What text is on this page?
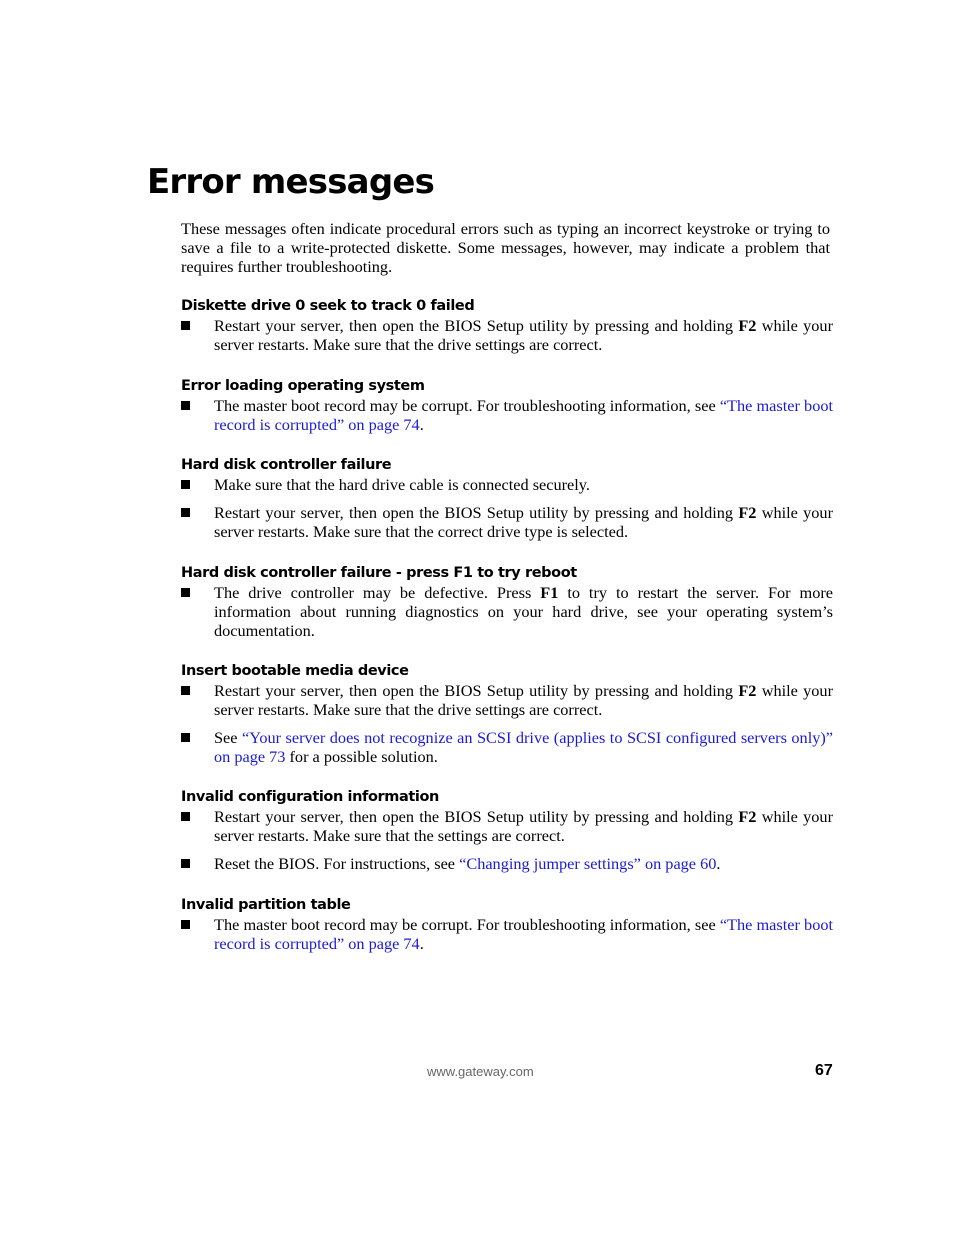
Error messages

These messages often indicate procedural errors such as typing an incorrect keystroke or trying to save a file to a write-protected diskette. Some messages, however, may indicate a problem that requires further troubleshooting.

Diskette drive 0 seek to track 0 failed
Restart your server, then open the BIOS Setup utility by pressing and holding F2 while your server restarts. Make sure that the drive settings are correct.
Error loading operating system
The master boot record may be corrupt. For troubleshooting information, see “The master boot record is corrupted” on page 74.
Hard disk controller failure
Make sure that the hard drive cable is connected securely.
Restart your server, then open the BIOS Setup utility by pressing and holding F2 while your server restarts. Make sure that the correct drive type is selected.
Hard disk controller failure - press F1 to try reboot
The drive controller may be defective. Press F1 to try to restart the server. For more information about running diagnostics on your hard drive, see your operating system’s documentation.
Insert bootable media device
Restart your server, then open the BIOS Setup utility by pressing and holding F2 while your server restarts. Make sure that the drive settings are correct.
See “Your server does not recognize an SCSI drive (applies to SCSI configured servers only)” on page 73 for a possible solution.
Invalid configuration information
Restart your server, then open the BIOS Setup utility by pressing and holding F2 while your server restarts. Make sure that the settings are correct.
Reset the BIOS. For instructions, see “Changing jumper settings” on page 60.
Invalid partition table
The master boot record may be corrupt. For troubleshooting information, see “The master boot record is corrupted” on page 74.

www.gateway.com	67
